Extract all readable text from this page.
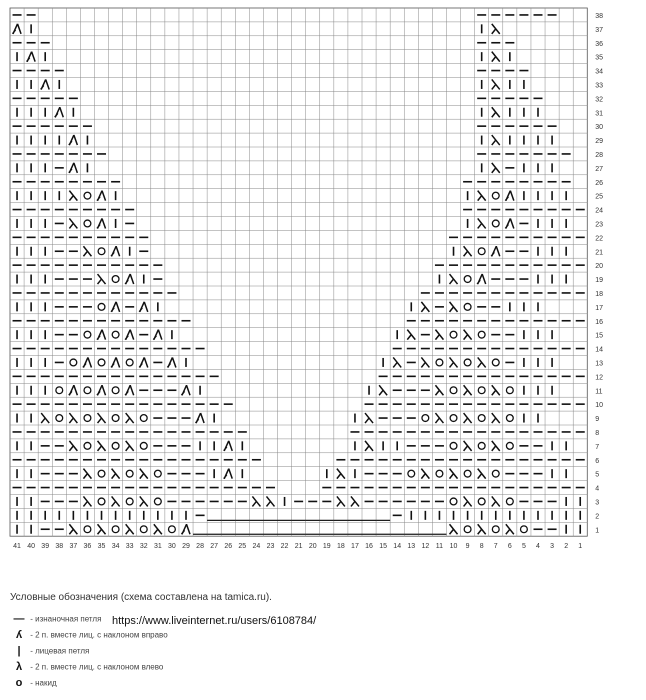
38
37
36
35
34
33
32
31
30
29
28
27
26
25
24
23
22
21
20
19
18
17
16
15
14
13
12
11
10
9
8
7
6
5
4
3
2
1
41 40 39 38 37 36 35 34 33 32 31 30 29 28 27 26 25 24 23 22 21 20 19 18 17 16 15 14 13 12 11 10 9 8 7 6 5 4 3 2 1
Условные обозначения (схема составлена на tamica.ru).
https://www.liveinternet.ru/users/6108784/
— - изнаночная петля
ʎ - 2 п. вместе лиц. с наклоном вправо
| - лицевая петля
λ - 2 п. вместе лиц. с наклоном влево
o - накид
